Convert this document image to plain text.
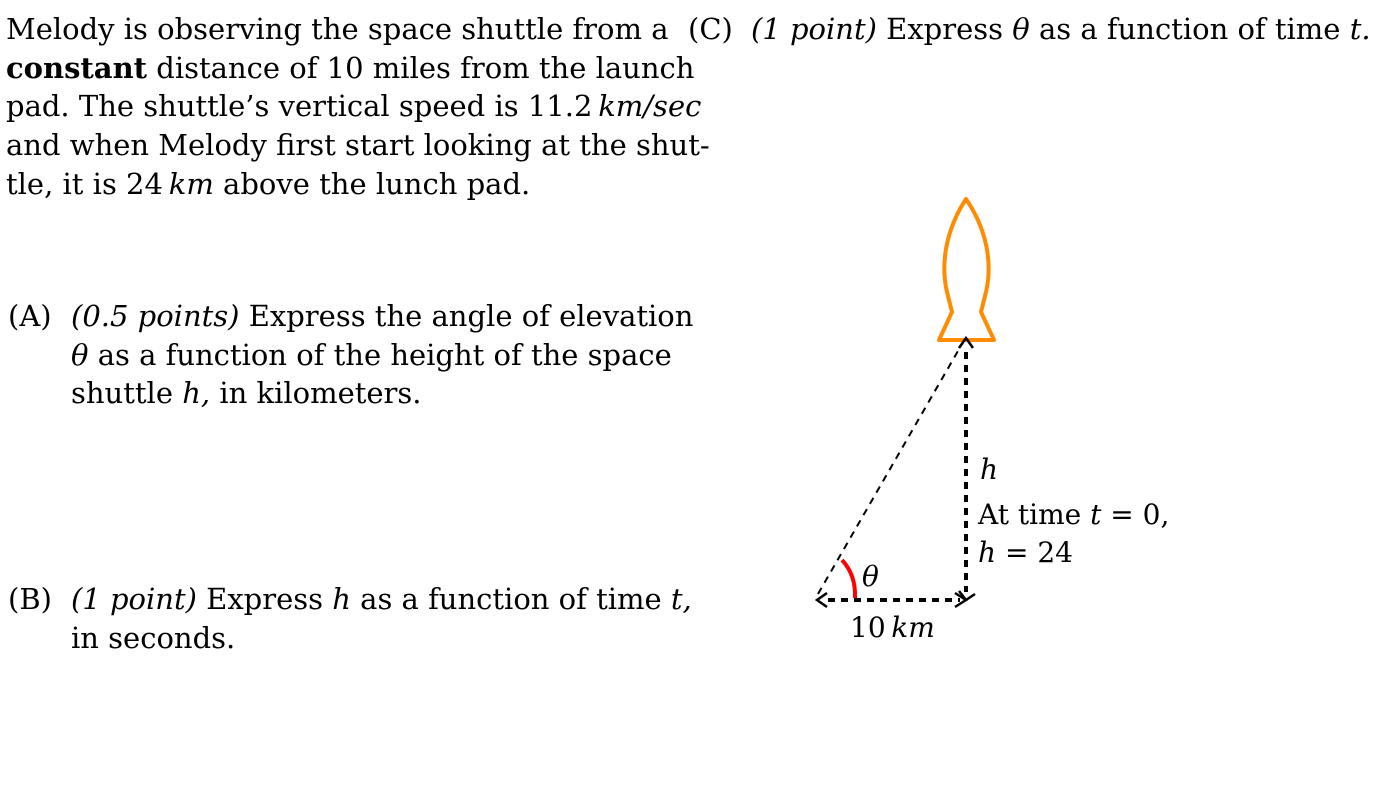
Melody is observing the space shuttle from a
constant distance of 10 miles from the launch
pad. The shuttle’s vertical speed is 11.2  km/sec
and when Melody first start looking at the shut-
tle, it is 24  km above the lunch pad.
(A) (0.5 points) Express the angle of elevation
θ as a function of the height of the space
shuttle h, in kilometers.
(B) (1 point) Express h as a function of time t,
in seconds.
(C) (1 point) Express θ as a function of time t.
h
At time t = 0,
h = 24
θ
10  km
